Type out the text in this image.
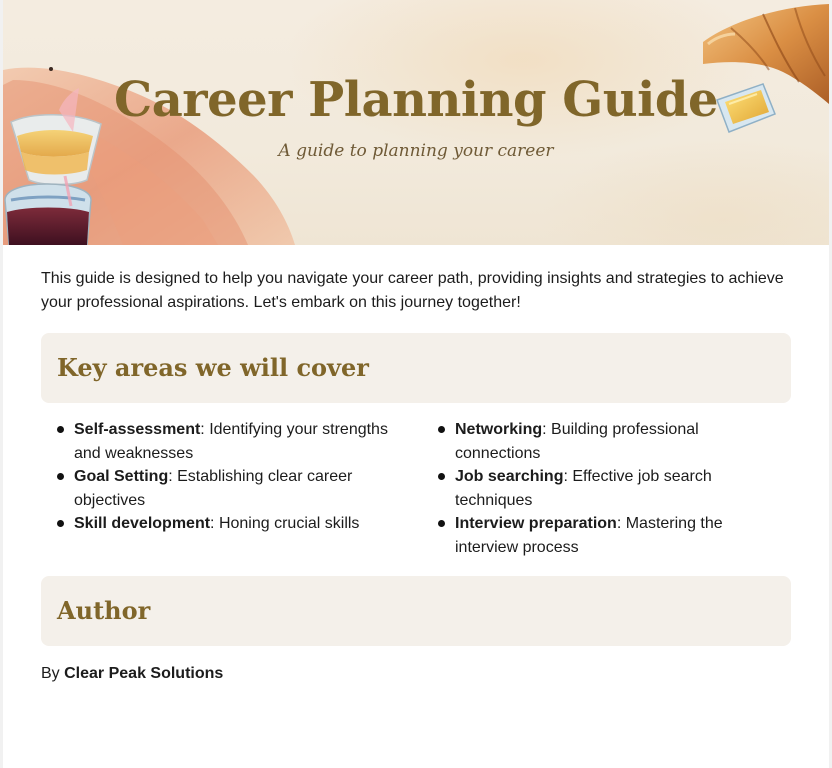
Career Planning Guide
A guide to planning your career
This guide is designed to help you navigate your career path, providing insights and strategies to achieve your professional aspirations. Let's embark on this journey together!
Key areas we will cover
Self-assessment: Identifying your strengths and weaknesses
Goal Setting: Establishing clear career objectives
Skill development: Honing crucial skills
Networking: Building professional connections
Job searching: Effective job search techniques
Interview preparation: Mastering the interview process
Author
By Clear Peak Solutions
